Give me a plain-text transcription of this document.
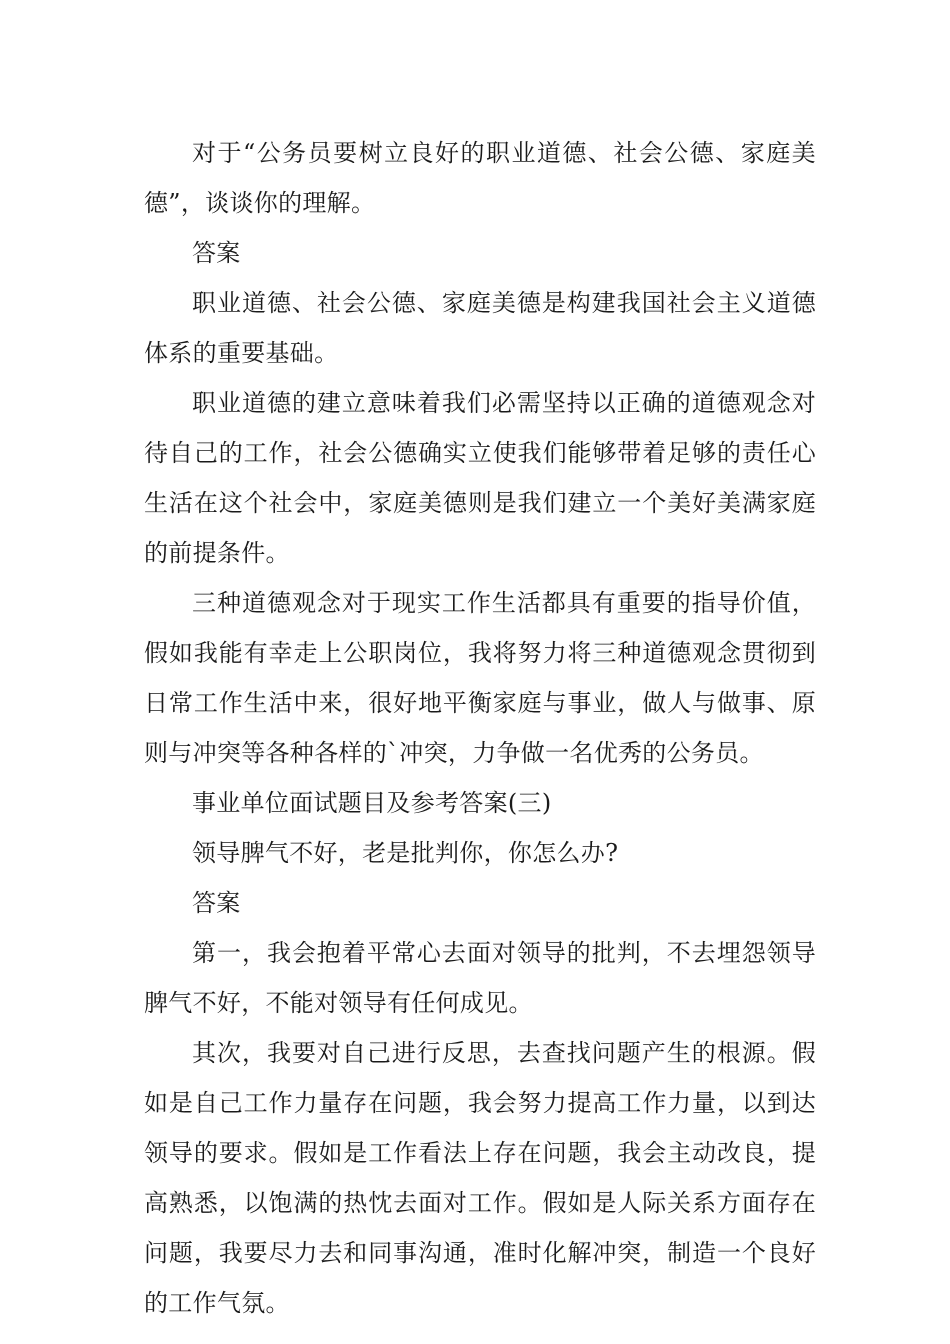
对于“公务员要树立良好的职业道德、社会公德、家庭美德”，谈谈你的理解。

答案

职业道德、社会公德、家庭美德是构建我国社会主义道德体系的重要基础。

职业道德的建立意味着我们必需坚持以正确的道德观念对待自己的工作，社会公德确实立使我们能够带着足够的责任心生活在这个社会中，家庭美德则是我们建立一个美好美满家庭的前提条件。

三种道德观念对于现实工作生活都具有重要的指导价值，假如我能有幸走上公职岗位，我将努力将三种道德观念贯彻到日常工作生活中来，很好地平衡家庭与事业，做人与做事、原则与冲突等各种各样的`冲突，力争做一名优秀的公务员。

事业单位面试题目及参考答案(三)

领导脾气不好，老是批判你，你怎么办?

答案

第一，我会抱着平常心去面对领导的批判，不去埋怨领导脾气不好，不能对领导有任何成见。

其次，我要对自己进行反思，去查找问题产生的根源。假如是自己工作力量存在问题，我会努力提高工作力量，以到达领导的要求。假如是工作看法上存在问题，我会主动改良，提高熟悉，以饱满的热忱去面对工作。假如是人际关系方面存在问题，我要尽力去和同事沟通，准时化解冲突，制造一个良好的工作气氛。
